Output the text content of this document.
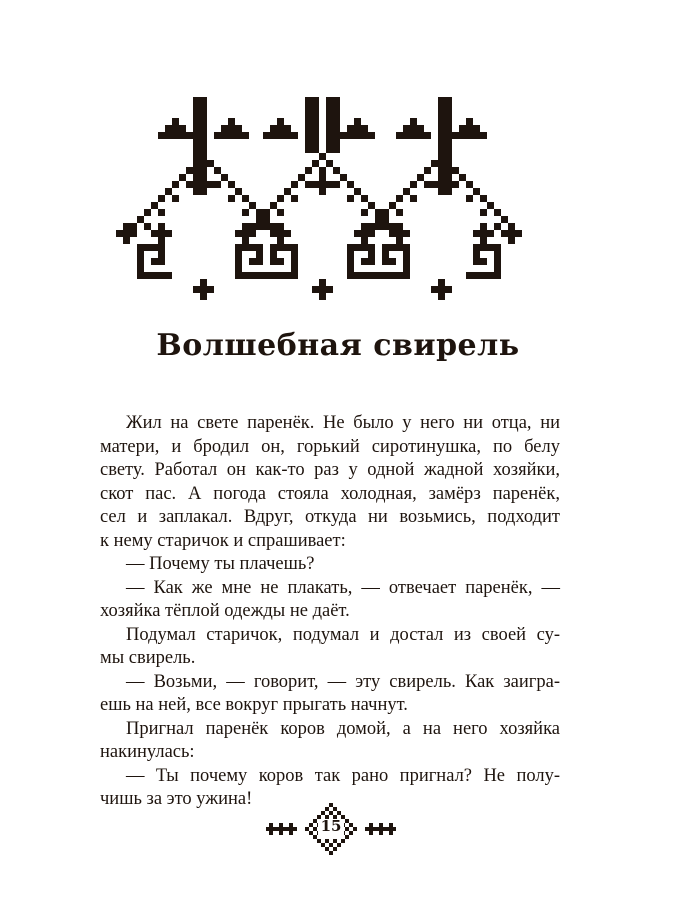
Волшебная свирель
Жил на свете паренёк. Не было у него ни отца, ни
матери, и бродил он, горький сиротинушка, по белу
свету. Работал он как-то раз у одной жадной хозяйки,
скот пас. А погода стояла холодная, замёрз паренёк,
сел и заплакал. Вдруг, откуда ни возьмись, подходит
к нему старичок и спрашивает:
— Почему ты плачешь?
— Как же мне не плакать, — отвечает паренёк, —
хозяйка тёплой одежды не даёт.
Подумал старичок, подумал и достал из своей су-
мы свирель.
— Возьми, — говорит, — эту свирель. Как заигра-
ешь на ней, все вокруг прыгать начнут.
Пригнал паренёк коров домой, а на него хозяйка
накинулась:
— Ты почему коров так рано пригнал? Не полу-
чишь за это ужина!
15
